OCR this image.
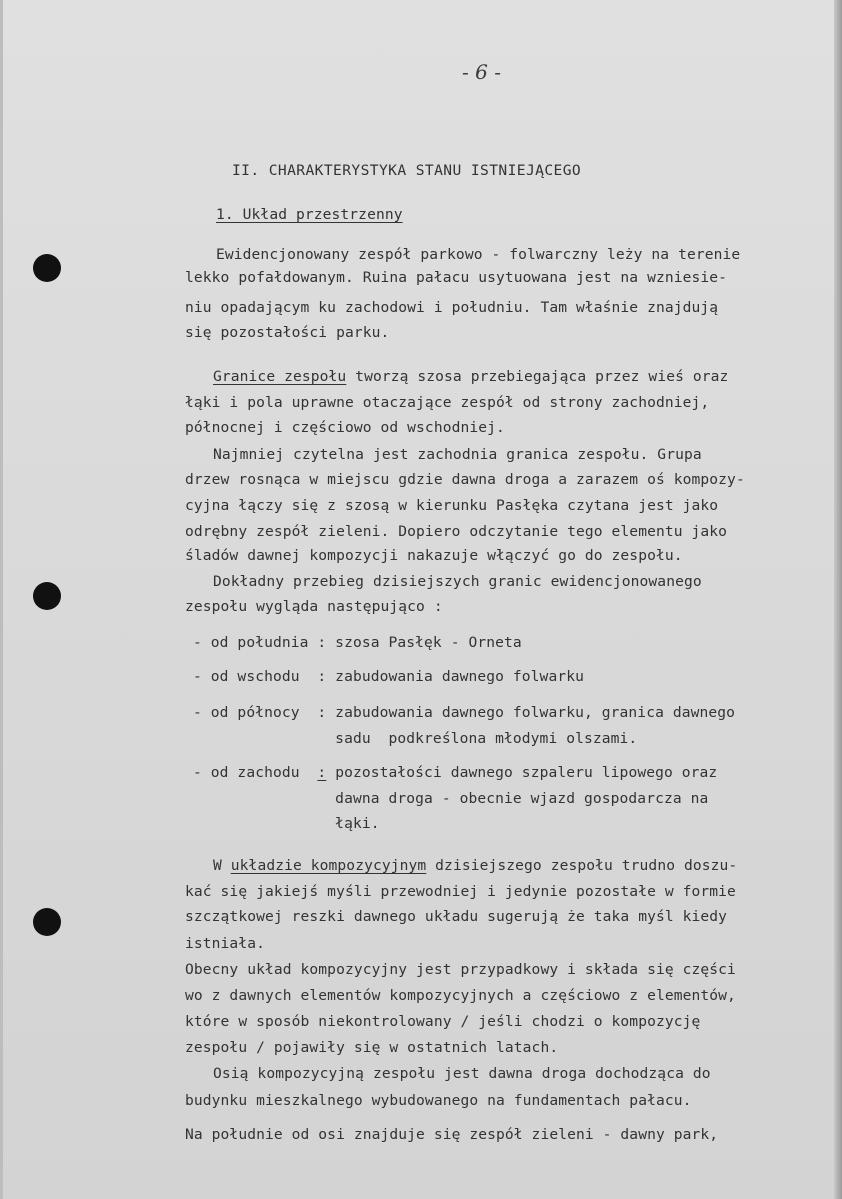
- 6 -
II. CHARAKTERYSTYKA STANU ISTNIEJĄCEGO
1. Układ przestrzenny
Ewidencjonowany zespół parkowo - folwarczny leży na terenie
lekko pofałdowanym. Ruina pałacu usytuowana jest na wzniesie-
niu opadającym ku zachodowi i południu. Tam właśnie znajdują
się pozostałości parku.
Granice zespołu tworzą szosa przebiegająca przez wieś oraz
łąki i pola uprawne otaczające zespół od strony zachodniej,
północnej i częściowo od wschodniej.
Najmniej czytelna jest zachodnia granica zespołu. Grupa
drzew rosnąca w miejscu gdzie dawna droga a zarazem oś kompozy-
cyjna łączy się z szosą w kierunku Pasłęka czytana jest jako
odrębny zespół zieleni. Dopiero odczytanie tego elementu jako
śladów dawnej kompozycji nakazuje włączyć go do zespołu.
Dokładny przebieg dzisiejszych granic ewidencjonowanego
zespołu wygląda następująco :
- od południa : szosa Pasłęk - Orneta
- od wschodu  : zabudowania dawnego folwarku
- od północy  : zabudowania dawnego folwarku, granica dawnego
sadu  podkreślona młodymi olszami.
- od zachodu  : pozostałości dawnego szpaleru lipowego oraz
dawna droga - obecnie wjazd gospodarcza na
łąki.
W układzie kompozycyjnym dzisiejszego zespołu trudno doszu-
kać się jakiejś myśli przewodniej i jedynie pozostałe w formie
szczątkowej reszki dawnego układu sugerują że taka myśl kiedy
istniała.
Obecny układ kompozycyjny jest przypadkowy i składa się części
wo z dawnych elementów kompozycyjnych a częściowo z elementów,
które w sposób niekontrolowany / jeśli chodzi o kompozycję
zespołu / pojawiły się w ostatnich latach.
Osią kompozycyjną zespołu jest dawna droga dochodząca do
budynku mieszkalnego wybudowanego na fundamentach pałacu.
Na południe od osi znajduje się zespół zieleni - dawny park,
